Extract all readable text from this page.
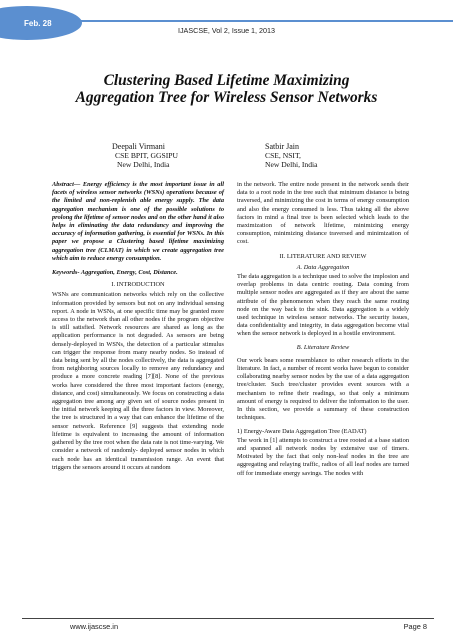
Feb. 28
IJASCSE, Vol 2, Issue 1, 2013
Clustering Based Lifetime Maximizing
Aggregation Tree for Wireless Sensor Networks
Deepali Virmani
CSE BPIT, GGSIPU
New Delhi, India
Satbir Jain
CSE, NSIT,
New Delhi, India

Abstract— Energy efficiency is the most important issue in all facets of wireless sensor networks (WSNs) operations because of the limited and non-replenish able energy supply. The data aggregation mechanism is one of the possible solutions to prolong the lifetime of sensor nodes and on the other hand it also helps in eliminating the data redundancy and improving the accuracy of information gathering, is essential for WSNs. In this paper we propose a Clustering based lifetime maximizing aggregation tree (CLMAT) in which we create aggregation tree which aim to reduce energy consumption.

Keywords- Aggregation, Energy, Cost, Distance.

I. INTRODUCTION

WSNs are communication networks which rely on the collective information provided by sensors but not on any individual sensing report. A node in WSNs, at one specific time may be granted more access to the network than all other nodes if the program objective is still satisfied. Network resources are shared as long as the application performance is not degraded. As sensors are being densely-deployed in WSNs, the detection of a particular stimulus can trigger the response from many nearby nodes. So instead of data being sent by all the nodes collectively, the data is aggregated from neighboring sources locally to remove any redundancy and produce a more concrete reading [7][8]. None of the previous works have considered the three most important factors (energy, distance, and cost) simultaneously. We focus on constructing a data aggregation tree among any given set of source nodes present in the initial network keeping all the three factors in view. Moreover, the tree is structured in a way that can enhance the lifetime of the sensor network. Reference [9] suggests that extending node lifetime is equivalent to increasing the amount of information gathered by the tree root when the data rate is not time-varying. We consider a network of randomly- deployed sensor nodes in which each node has an identical transmission range. An event that triggers the sensors around it occurs at random

in the network. The entire node present in the network sends their data to a root node in the tree such that minimum distance is being traversed, and minimizing the cost in terms of energy consumption and also the energy consumed is less. Thus taking all the above factors in mind a final tree is been selected which leads to the maximization of network lifetime, minimizing energy consumption, minimizing distance traversed and minimization of cost.

II. LITERATURE AND REVIEW
A. Data Aggregation

The data aggregation is a technique used to solve the implosion and overlap problems in data centric routing. Data coming from multiple sensor nodes are aggregated as if they are about the same attribute of the phenomenon when they reach the same routing node on the way back to the sink. Data aggregation is a widely used technique in wireless sensor networks. The security issues, data confidentiality and integrity, in data aggregation become vital when the sensor network is deployed in a hostile environment.

B. Literature Review

Our work bears some resemblance to other research efforts in the literature. In fact, a number of recent works have begun to consider collaborating nearby sensor nodes by the use of a data aggregation tree/cluster. Such tree/cluster provides event sources with a mechanism to refine their readings, so that only a minimum amount of energy is required to deliver the information to the user. In this section, we provide a summary of these construction techniques.

1) Energy-Aware Data Aggregation Tree (EADAT)

The work in [1] attempts to construct a tree rooted at a base station and spanned all network nodes by extensive use of timers. Motivated by the fact that only non-leaf nodes in the tree are aggregating and relaying traffic, radios of all leaf nodes are turned off for immediate energy savings. The nodes with

www.ijascse.in	Page 8
